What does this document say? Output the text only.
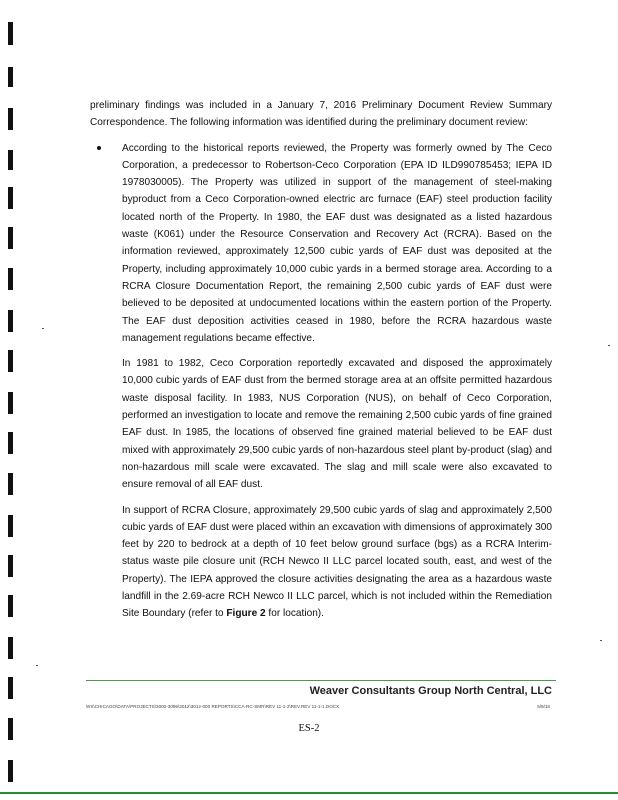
preliminary findings was included in a January 7, 2016 Preliminary Document Review Summary Correspondence. The following information was identified during the preliminary document review:

According to the historical reports reviewed, the Property was formerly owned by The Ceco Corporation, a predecessor to Robertson-Ceco Corporation (EPA ID ILD990785453; IEPA ID 1978030005). The Property was utilized in support of the management of steel-making byproduct from a Ceco Corporation-owned electric arc furnace (EAF) steel production facility located north of the Property. In 1980, the EAF dust was designated as a listed hazardous waste (K061) under the Resource Conservation and Recovery Act (RCRA). Based on the information reviewed, approximately 12,500 cubic yards of EAF dust was deposited at the Property, including approximately 10,000 cubic yards in a bermed storage area. According to a RCRA Closure Documentation Report, the remaining 2,500 cubic yards of EAF dust were believed to be deposited at undocumented locations within the eastern portion of the Property. The EAF dust deposition activities ceased in 1980, before the RCRA hazardous waste management regulations became effective.

In 1981 to 1982, Ceco Corporation reportedly excavated and disposed the approximately 10,000 cubic yards of EAF dust from the bermed storage area at an offsite permitted hazardous waste disposal facility. In 1983, NUS Corporation (NUS), on behalf of Ceco Corporation, performed an investigation to locate and remove the remaining 2,500 cubic yards of fine grained EAF dust. In 1985, the locations of observed fine grained material believed to be EAF dust mixed with approximately 29,500 cubic yards of non-hazardous steel plant by-product (slag) and non-hazardous mill scale were excavated. The slag and mill scale were also excavated to ensure removal of all EAF dust.

In support of RCRA Closure, approximately 29,500 cubic yards of slag and approximately 2,500 cubic yards of EAF dust were placed within an excavation with dimensions of approximately 300 feet by 220 to bedrock at a depth of 10 feet below ground surface (bgs) as a RCRA Interim-status waste pile closure unit (RCH Newco II LLC parcel located south, east, and west of the Property). The IEPA approved the closure activities designating the area as a hazardous waste landfill in the 2.69-acre RCH Newco II LLC parcel, which is not included within the Remediation Site Boundary (refer to Figure 2 for location).

Weaver Consultants Group North Central, LLC
WS\CHICAGO\DATA\PROJECTS\3000-3099\3012\3012-000 REPORTS\CCA-RC-SMR\REV 11-1-2\REV.REV 11-1-1.DOCX	5/9/18
ES-2
